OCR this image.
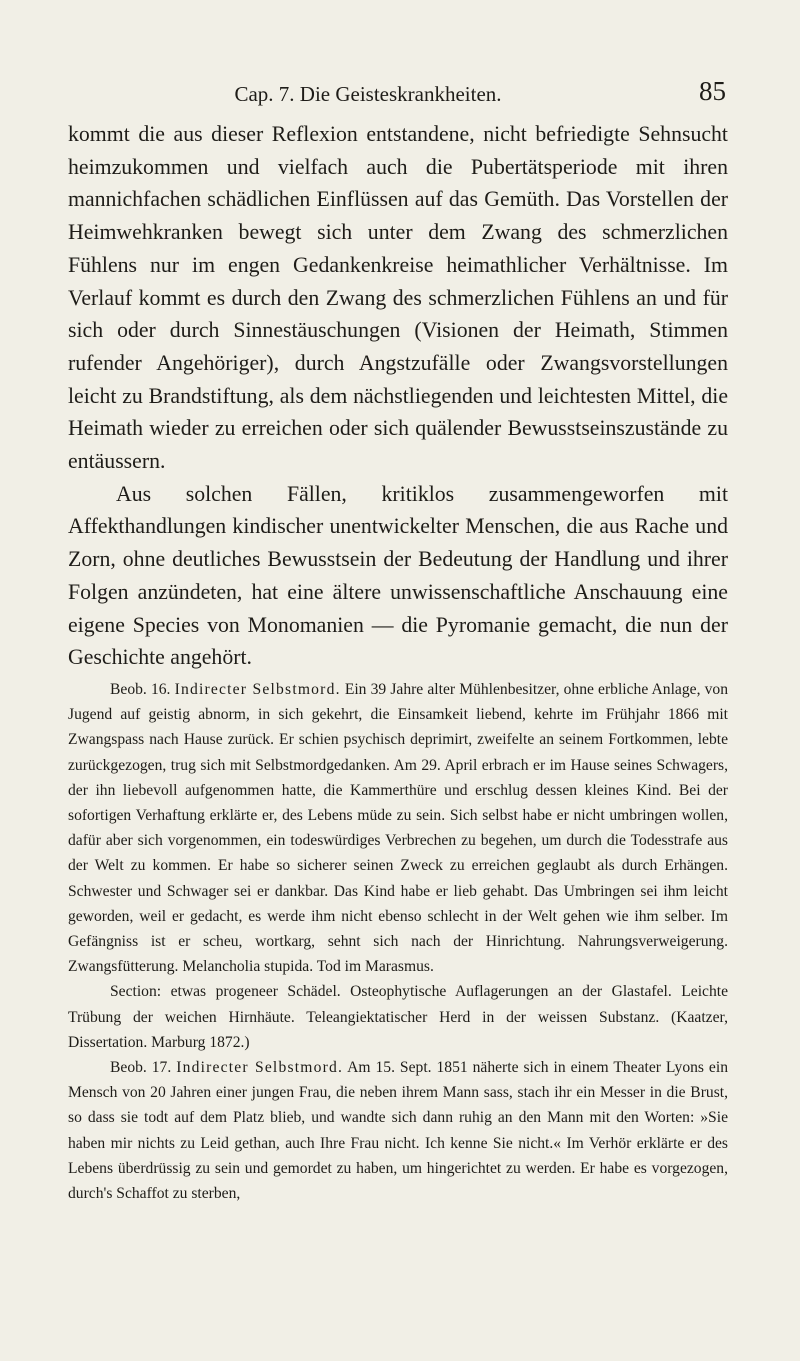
Cap. 7. Die Geisteskrankheiten.	85

kommt die aus dieser Reflexion entstandene, nicht befriedigte Sehnsucht heimzukommen und vielfach auch die Pubertätsperiode mit ihren mannichfachen schädlichen Einflüssen auf das Gemüth. Das Vorstellen der Heimwehkranken bewegt sich unter dem Zwang des schmerzlichen Fühlens nur im engen Gedankenkreise heimathlicher Verhältnisse. Im Verlauf kommt es durch den Zwang des schmerzlichen Fühlens an und für sich oder durch Sinnestäuschungen (Visionen der Heimath, Stimmen rufender Angehöriger), durch Angstzufälle oder Zwangsvorstellungen leicht zu Brandstiftung, als dem nächstliegenden und leichtesten Mittel, die Heimath wieder zu erreichen oder sich quälender Bewusstseinszustände zu entäussern.

Aus solchen Fällen, kritiklos zusammengeworfen mit Affekthandlungen kindischer unentwickelter Menschen, die aus Rache und Zorn, ohne deutliches Bewusstsein der Bedeutung der Handlung und ihrer Folgen anzündeten, hat eine ältere unwissenschaftliche Anschauung eine eigene Species von Monomanien — die Pyromanie gemacht, die nun der Geschichte angehört.

Beob. 16. Indirecter Selbstmord. Ein 39 Jahre alter Mühlenbesitzer, ohne erbliche Anlage, von Jugend auf geistig abnorm, in sich gekehrt, die Einsamkeit liebend, kehrte im Frühjahr 1866 mit Zwangspass nach Hause zurück. Er schien psychisch deprimirt, zweifelte an seinem Fortkommen, lebte zurückgezogen, trug sich mit Selbstmordgedanken. Am 29. April erbrach er im Hause seines Schwagers, der ihn liebevoll aufgenommen hatte, die Kammerthüre und erschlug dessen kleines Kind. Bei der sofortigen Verhaftung erklärte er, des Lebens müde zu sein. Sich selbst habe er nicht umbringen wollen, dafür aber sich vorgenommen, ein todeswürdiges Verbrechen zu begehen, um durch die Todesstrafe aus der Welt zu kommen. Er habe so sicherer seinen Zweck zu erreichen geglaubt als durch Erhängen. Schwester und Schwager sei er dankbar. Das Kind habe er lieb gehabt. Das Umbringen sei ihm leicht geworden, weil er gedacht, es werde ihm nicht ebenso schlecht in der Welt gehen wie ihm selber. Im Gefängniss ist er scheu, wortkarg, sehnt sich nach der Hinrichtung. Nahrungsverweigerung. Zwangsfütterung. Melancholia stupida. Tod im Marasmus.

Section: etwas progeneer Schädel. Osteophytische Auflagerungen an der Glastafel. Leichte Trübung der weichen Hirnhäute. Teleangiektatischer Herd in der weissen Substanz. (Kaatzer, Dissertation. Marburg 1872.)

Beob. 17. Indirecter Selbstmord. Am 15. Sept. 1851 näherte sich in einem Theater Lyons ein Mensch von 20 Jahren einer jungen Frau, die neben ihrem Mann sass, stach ihr ein Messer in die Brust, so dass sie todt auf dem Platz blieb, und wandte sich dann ruhig an den Mann mit den Worten: »Sie haben mir nichts zu Leid gethan, auch Ihre Frau nicht. Ich kenne Sie nicht.« Im Verhör erklärte er des Lebens überdrüssig zu sein und gemordet zu haben, um hingerichtet zu werden. Er habe es vorgezogen, durch's Schaffot zu sterben,
